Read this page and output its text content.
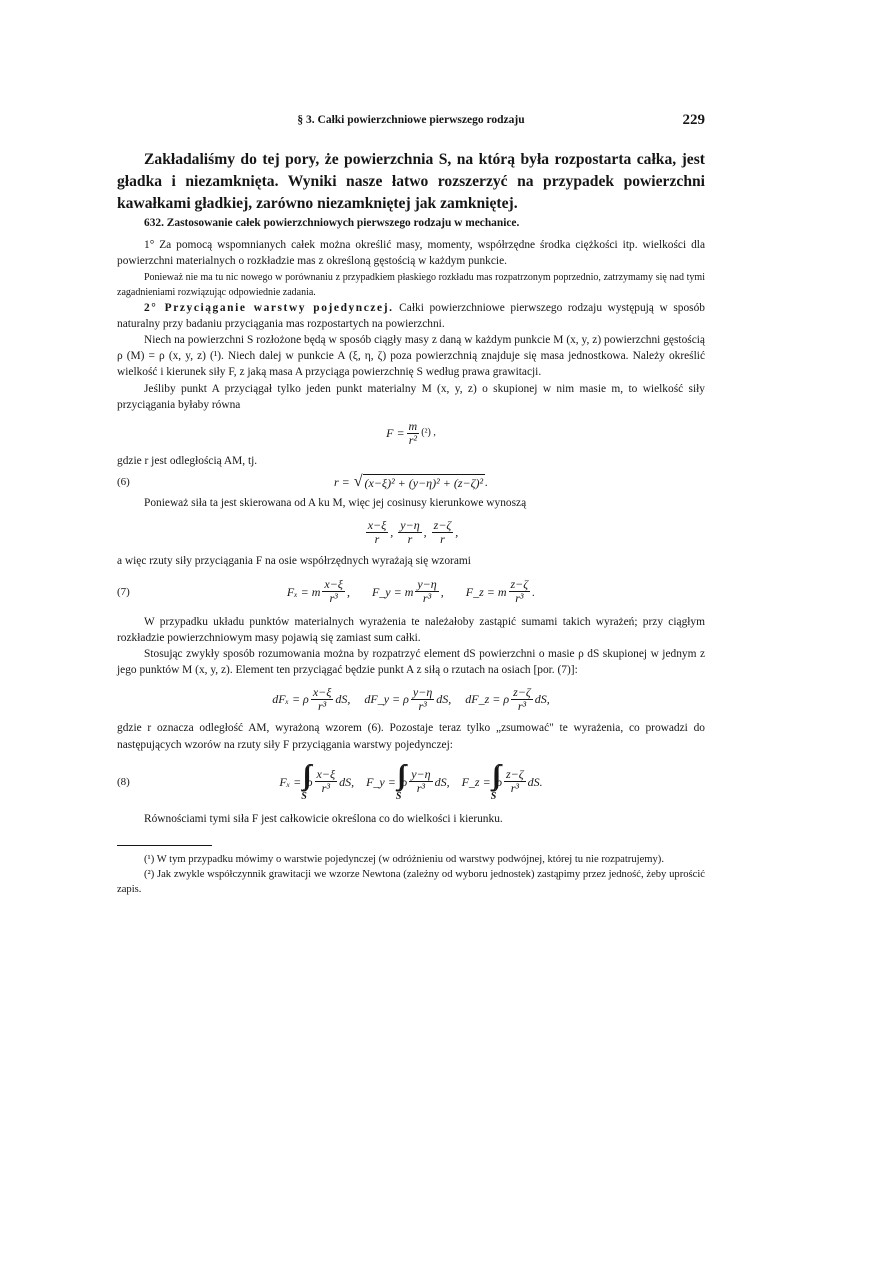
§ 3. Całki powierzchniowe pierwszego rodzaju	229

Zakładaliśmy do tej pory, że powierzchnia S, na którą była rozpostarta całka, jest gładka i niezamknięta. Wyniki nasze łatwo rozszerzyć na przypadek powierzchni kawałkami gładkiej, zarówno niezamkniętej jak zamkniętej.

632. Zastosowanie całek powierzchniowych pierwszego rodzaju w mechanice.

1° Za pomocą wspomnianych całek można określić masy, momenty, współrzędne środka ciężkości itp. wielkości dla powierzchni materialnych o rozkładzie mas z określoną gęstością w każdym punkcie.

Ponieważ nie ma tu nic nowego w porównaniu z przypadkiem płaskiego rozkładu mas rozpatrzonym poprzednio, zatrzymamy się nad tymi zagadnieniami rozwiązując odpowiednie zadania.

2° Przyciąganie warstwy pojedynczej. Całki powierzchniowe pierwszego rodzaju występują w sposób naturalny przy badaniu przyciągania mas rozpostartych na powierzchni.

Niech na powierzchni S rozłożone będą w sposób ciągły masy z daną w każdym punkcie M (x, y, z) powierzchni gęstością ρ (M) = ρ (x, y, z) (¹). Niech dalej w punkcie A (ξ, η, ζ) poza powierzchnią znajduje się masa jednostkowa. Należy określić wielkość i kierunek siły F, z jaką masa A przyciąga powierzchnię S według prawa grawitacji.

Jeśliby punkt A przyciągał tylko jeden punkt materialny M (x, y, z) o skupionej w nim masie m, to wielkość siły przyciągania byłaby równa

$F = \frac{m}{\text{r²}} (^2)$ ,

gdzie r jest odległością AM, tj.

(6)	r = √ (x−ξ)² + (y−η)² + (z−ζ)² .

Ponieważ siła ta jest skierowana od A ku M, więc jej cosinusy kierunkowe wynoszą

$\frac{x-\xi}{r}$ ,
$\frac{y-\eta}{r}$ ,
$\frac{z-\zeta}{r}$ ,

a więc rzuty siły przyciągania F na osie współrzędnych wyrażają się wzorami

(7)	Fₓ = m $\frac{x-\xi}{\text{r³}}$ , F_y = m $\frac{y-\eta}{\text{r³}}$ , F_z = m $\frac{z-\zeta}{\text{r³}}$ .

W przypadku układu punktów materialnych wyrażenia te należałoby zastąpić sumami takich wyrażeń; przy ciągłym rozkładzie powierzchniowym masy pojawią się zamiast sum całki.

Stosując zwykły sposób rozumowania można by rozpatrzyć element dS powierzchni o masie ρ dS skupionej w jednym z jego punktów M (x, y, z). Element ten przyciągać będzie punkt A z siłą o rzutach na osiach [por. (7)]:

dFₓ = ρ $\frac{x-\xi}{\text{r³}}$ dS, dF_y = ρ $\frac{y-\eta}{\text{r³}}$ dS, dF_z = ρ $\frac{z-\zeta}{\text{r³}}$ dS,

gdzie r oznacza odległość AM, wyrażoną wzorem (6). Pozostaje teraz tylko „zsumować" te wyrażenia, co prowadzi do następujących wzorów na rzuty siły F przyciągania warstwy pojedynczej:

(8)	Fₓ = ∫∫
S
ρ $\frac{x-\xi}{\text{r³}}$ dS, F_y = ∫∫
S
ρ $\frac{y-\eta}{\text{r³}}$ dS, F_z = ∫∫
S
ρ $\frac{z-\zeta}{\text{r³}}$ dS.

Równościami tymi siła F jest całkowicie określona co do wielkości i kierunku.

(¹) W tym przypadku mówimy o warstwie pojedynczej (w odróżnieniu od warstwy podwójnej, której tu nie rozpatrujemy).

(²) Jak zwykle współczynnik grawitacji we wzorze Newtona (zależny od wyboru jednostek) zastąpimy przez jedność, żeby uprościć zapis.
